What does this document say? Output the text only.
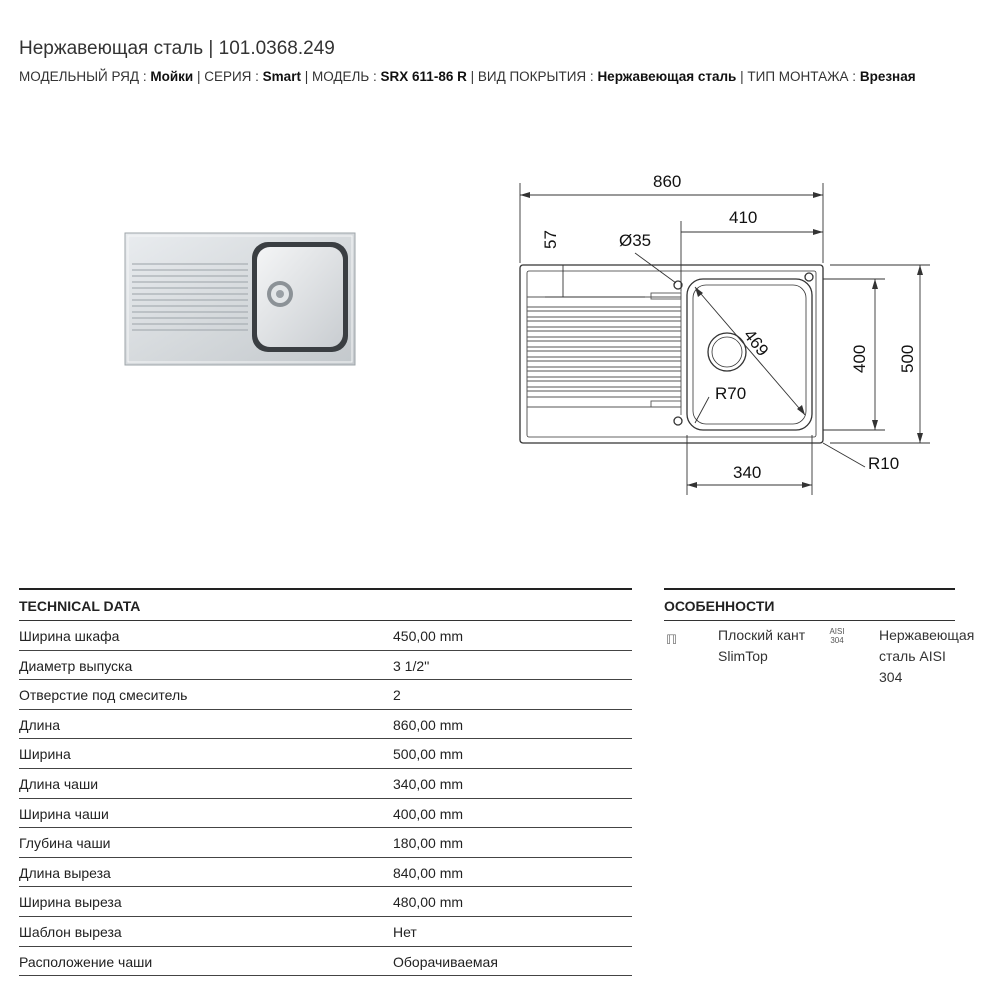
Нержавеющая сталь | 101.0368.249
МОДЕЛЬНЫЙ РЯД : Мойки | СЕРИЯ : Smart | МОДЕЛЬ : SRX 611-86 R | ВИД ПОКРЫТИЯ : Нержавеющая сталь | ТИП МОНТАЖА : Врезная
860
410
57	Ø35
469	400 500
R70
340	R10
TECHNICAL DATA
Ширина шкафа	450,00 mm
Диаметр выпуска	3 1/2''
Отверстие под смеситель	2
Длина	860,00 mm
Ширина	500,00 mm
Длина чаши	340,00 mm
Ширина чаши	400,00 mm
Глубина чаши	180,00 mm
Длина выреза	840,00 mm
Ширина выреза	480,00 mm
Шаблон выреза	Нет
Расположение чаши	Оборачиваемая
ОСОБЕННОСТИ
ℿ	Плоский кант SlimTop
AISI 304	Нержавеющая сталь AISI 304
